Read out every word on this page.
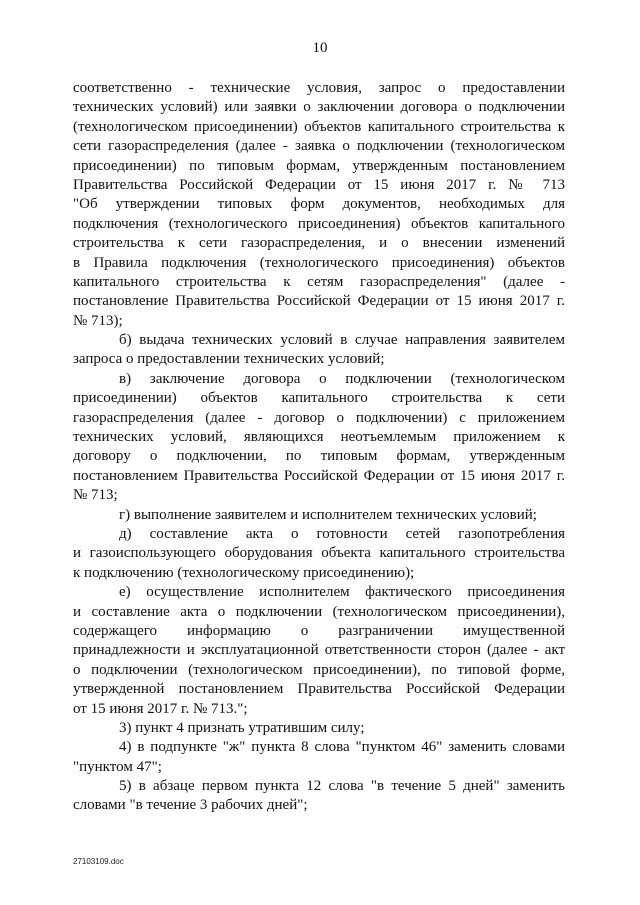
10
соответственно - технические условия, запрос о предоставлении
технических условий) или заявки о заключении договора о подключении
(технологическом присоединении) объектов капитального строительства к
сети газораспределения (далее - заявка о подключении (технологическом
присоединении) по типовым формам, утвержденным постановлением
Правительства Российской Федерации от 15 июня 2017 г. № 713
"Об утверждении типовых форм документов, необходимых для
подключения (технологического присоединения) объектов капитального
строительства к сети газораспределения, и о внесении изменений
в Правила подключения (технологического присоединения) объектов
капитального строительства к сетям газораспределения" (далее -
постановление Правительства Российской Федерации от 15 июня 2017 г.
№ 713);
б) выдача технических условий в случае направления заявителем
запроса о предоставлении технических условий;
в) заключение договора о подключении (технологическом
присоединении) объектов капитального строительства к сети
газораспределения (далее - договор о подключении) с приложением
технических условий, являющихся неотъемлемым приложением к
договору о подключении, по типовым формам, утвержденным
постановлением Правительства Российской Федерации от 15 июня 2017 г.
№ 713;
г) выполнение заявителем и исполнителем технических условий;
д) составление акта о готовности сетей газопотребления
и газоиспользующего оборудования объекта капитального строительства
к подключению (технологическому присоединению);
е) осуществление исполнителем фактического присоединения
и составление акта о подключении (технологическом присоединении),
содержащего информацию о разграничении имущественной
принадлежности и эксплуатационной ответственности сторон (далее - акт
о подключении (технологическом присоединении), по типовой форме,
утвержденной постановлением Правительства Российской Федерации
от 15 июня 2017 г. № 713.";
3) пункт 4 признать утратившим силу;
4) в подпункте "ж" пункта 8 слова "пунктом 46" заменить словами
"пунктом 47";
5) в абзаце первом пункта 12 слова "в течение 5 дней" заменить
словами "в течение 3 рабочих дней";
27103109.doc
